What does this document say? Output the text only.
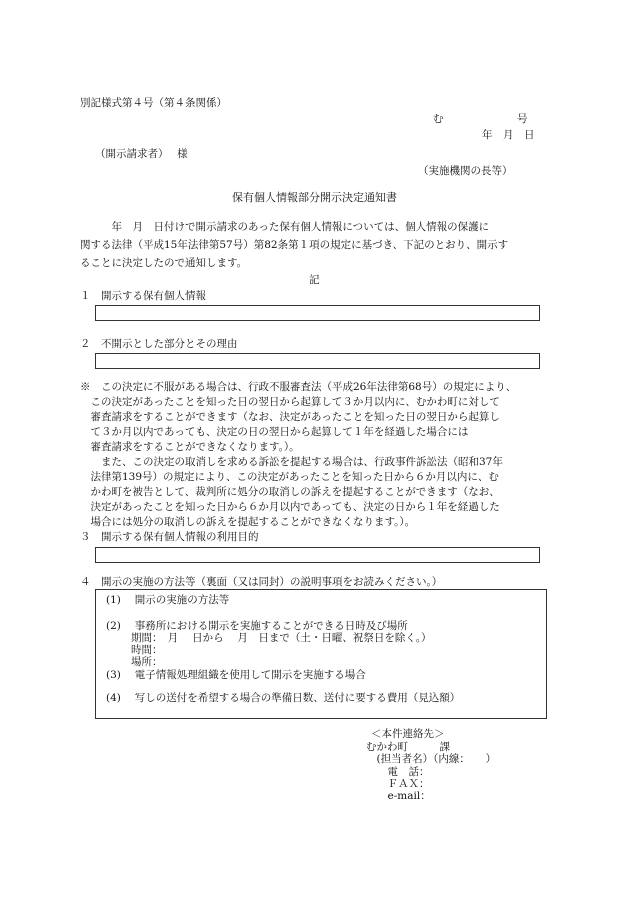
別記様式第４号（第４条関係）
む　　　　　　　号
年　月　日
（開示請求者）　 様
（実施機関の長等）
保有個人情報部分開示決定通知書
　　　年　月　日付けで開示請求のあった保有個人情報については、個人情報の保護に
関する法律（平成15年法律第57号）第82条第１項の規定に基づき、下記のとおり、開示す
ることに決定したので通知します。
記
１　開示する保有個人情報
２　不開示とした部分とその理由
※　この決定に不服がある場合は、行政不服審査法（平成26年法律第68号）の規定により、
　この決定があったことを知った日の翌日から起算して３か月以内に、むかわ町に対して
　審査請求をすることができます（なお、決定があったことを知った日の翌日から起算し
　て３か月以内であっても、決定の日の翌日から起算して１年を経過した場合には
　審査請求をすることができなくなります。）。
　　また、この決定の取消しを求める訴訟を提起する場合は、行政事件訴訟法（昭和37年
　法律第139号）の規定により、この決定があったことを知った日から６か月以内に、む
　かわ町を被告として、裁判所に処分の取消しの訴えを提起することができます（なお、
　決定があったことを知った日から６か月以内であっても、決定の日から１年を経過した
　場合には処分の取消しの訴えを提起することができなくなります。）。
３　開示する保有個人情報の利用目的
４　開示の実施の方法等（裏面（又は同封）の説明事項をお読みください。）
(1)　 開示の実施の方法等
(2)　 事務所における開示を実施することができる日時及び場所
期間：　月　 日から　 月　日まで（土・日曜、祝祭日を除く。）
時間：
場所：
(3)　 電子情報処理組織を使用して開示を実施する場合
(4)　 写しの送付を希望する場合の準備日数、送付に要する費用（見込額）
＜本件連絡先＞
むかわ町　　　課
　(担当者名）（内線：　　）
　電　話：
　ＦＡＸ：
　e-mail：
